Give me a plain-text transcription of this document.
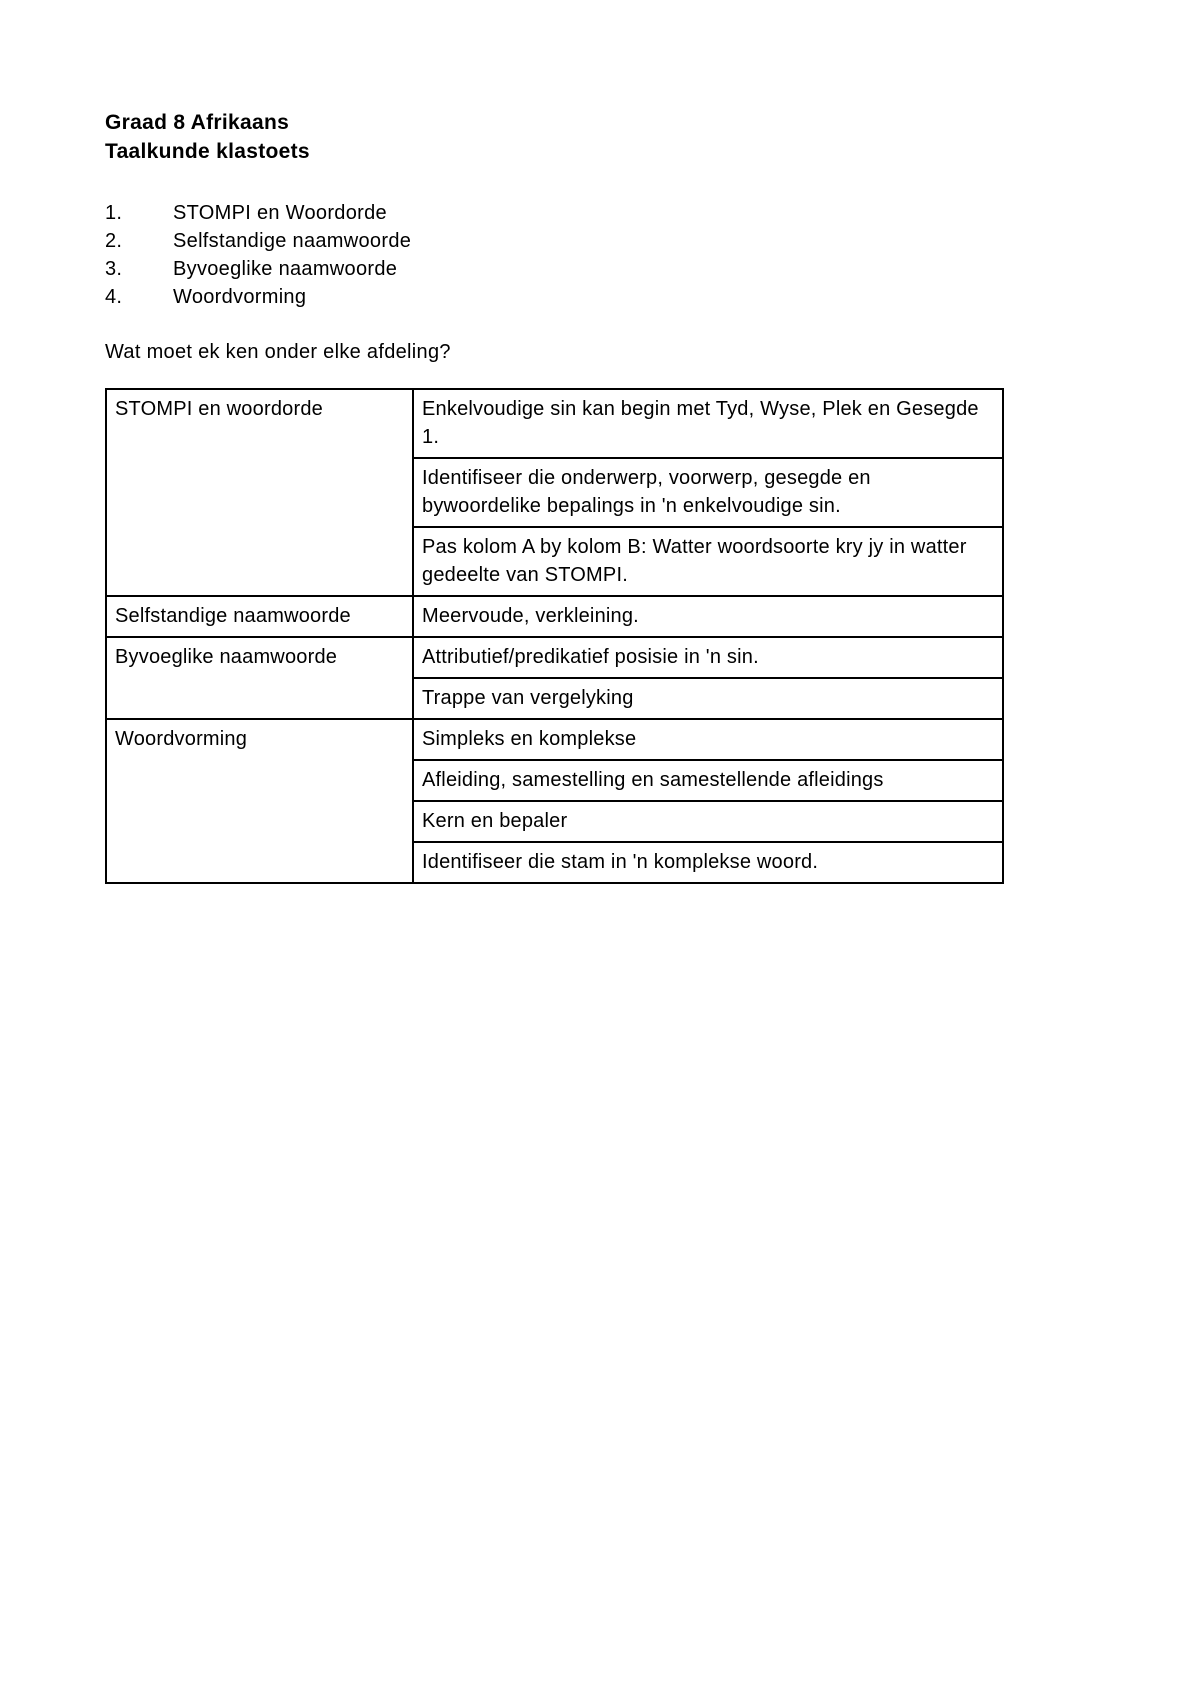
Graad 8 Afrikaans
Taalkunde klastoets
1.	STOMPI en Woordorde
2.	Selfstandige naamwoorde
3.	Byvoeglike naamwoorde
4.	Woordvorming
Wat moet ek ken onder elke afdeling?
STOMPI en woordorde	Enkelvoudige sin kan begin met Tyd, Wyse, Plek en Gesegde 1.
	Identifiseer die onderwerp, voorwerp, gesegde en bywoordelike bepalings in 'n enkelvoudige sin.
	Pas kolom A by kolom B: Watter woordsoorte kry jy in watter gedeelte van STOMPI.
Selfstandige naamwoorde	Meervoude, verkleining.
Byvoeglike naamwoorde	Attributief/predikatief posisie in 'n sin.
	Trappe van vergelyking
Woordvorming	Simpleks en komplekse
	Afleiding, samestelling en samestellende afleidings
	Kern en bepaler
	Identifiseer die stam in 'n komplekse woord.
